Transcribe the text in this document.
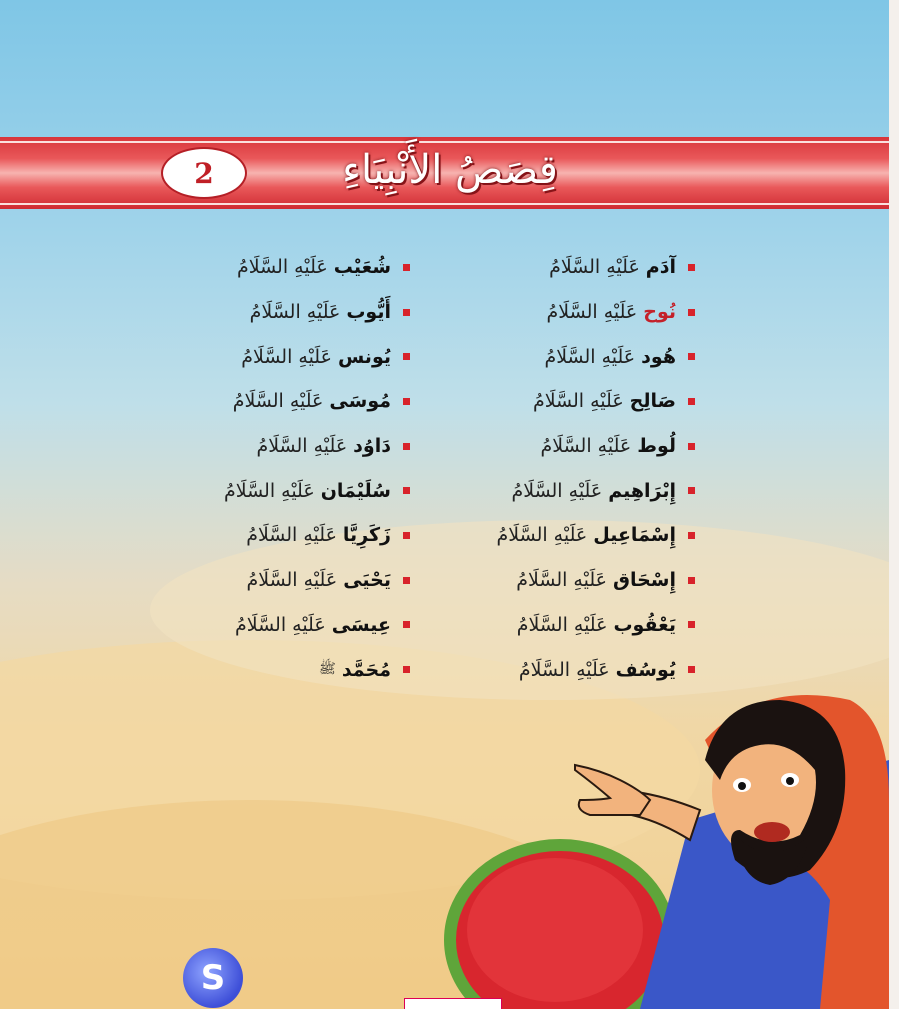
2	قِصَصُ الأَنْبِيَاءِ
آدَم
عَلَيْهِ السَّلَامُ
نُوح
عَلَيْهِ السَّلَامُ
هُود
عَلَيْهِ السَّلَامُ
صَالِح
عَلَيْهِ السَّلَامُ
لُوط
عَلَيْهِ السَّلَامُ
إِبْرَاهِيم
عَلَيْهِ السَّلَامُ
إِسْمَاعِيل
عَلَيْهِ السَّلَامُ
إِسْحَاق
عَلَيْهِ السَّلَامُ
يَعْقُوب
عَلَيْهِ السَّلَامُ
يُوسُف
عَلَيْهِ السَّلَامُ
شُعَيْب
عَلَيْهِ السَّلَامُ
أَيُّوب
عَلَيْهِ السَّلَامُ
يُونس
عَلَيْهِ السَّلَامُ
مُوسَى
عَلَيْهِ السَّلَامُ
دَاوُد
عَلَيْهِ السَّلَامُ
سُلَيْمَان
عَلَيْهِ السَّلَامُ
زَكَرِيَّا
عَلَيْهِ السَّلَامُ
يَحْيَى
عَلَيْهِ السَّلَامُ
عِيسَى
عَلَيْهِ السَّلَامُ
مُحَمَّد
ﷺ
S
